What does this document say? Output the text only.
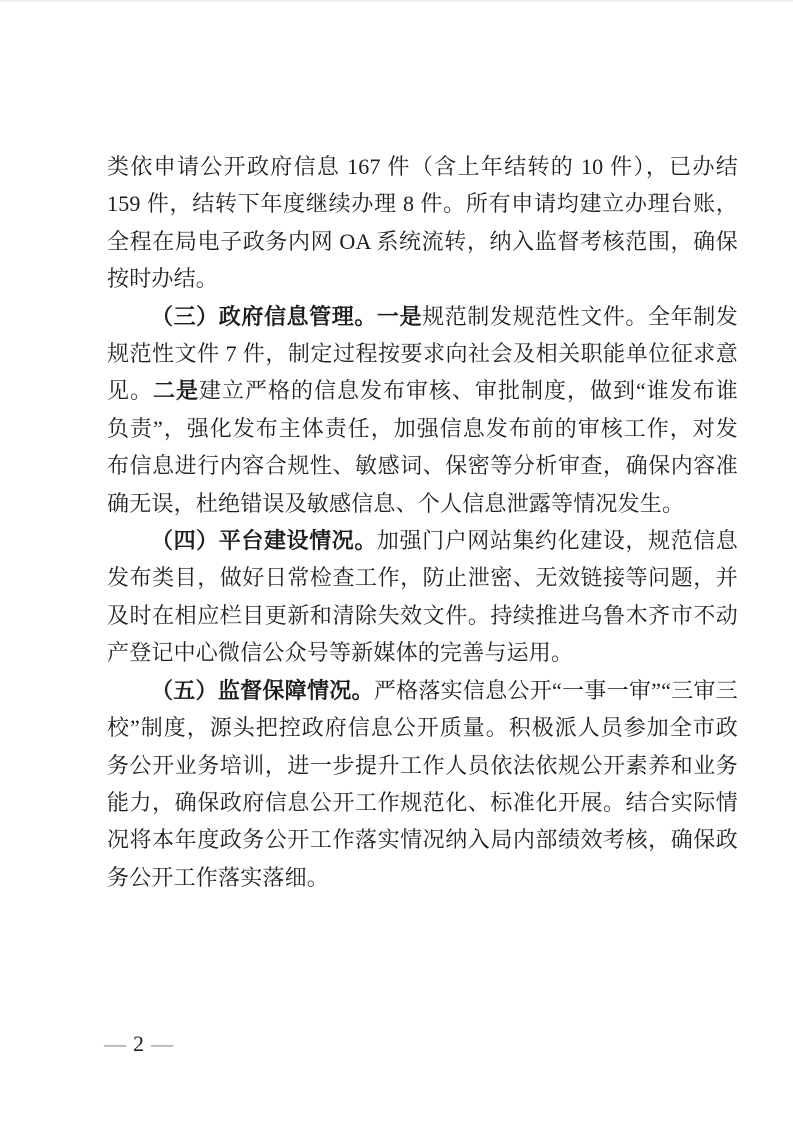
类依申请公开政府信息 167 件（含上年结转的 10 件），已办结 159 件，结转下年度继续办理 8 件。所有申请均建立办理台账，全程在局电子政务内网 OA 系统流转，纳入监督考核范围，确保按时办结。

（三）政府信息管理。一是规范制发规范性文件。全年制发规范性文件 7 件，制定过程按要求向社会及相关职能单位征求意见。二是建立严格的信息发布审核、审批制度，做到“谁发布谁负责”，强化发布主体责任，加强信息发布前的审核工作，对发布信息进行内容合规性、敏感词、保密等分析审查，确保内容准确无误，杜绝错误及敏感信息、个人信息泄露等情况发生。

（四）平台建设情况。加强门户网站集约化建设，规范信息发布类目，做好日常检查工作，防止泄密、无效链接等问题，并及时在相应栏目更新和清除失效文件。持续推进乌鲁木齐市不动产登记中心微信公众号等新媒体的完善与运用。

（五）监督保障情况。严格落实信息公开“一事一审”“三审三校”制度，源头把控政府信息公开质量。积极派人员参加全市政务公开业务培训，进一步提升工作人员依法依规公开素养和业务能力，确保政府信息公开工作规范化、标准化开展。结合实际情况将本年度政务公开工作落实情况纳入局内部绩效考核，确保政务公开工作落实落细。

— 2 —
